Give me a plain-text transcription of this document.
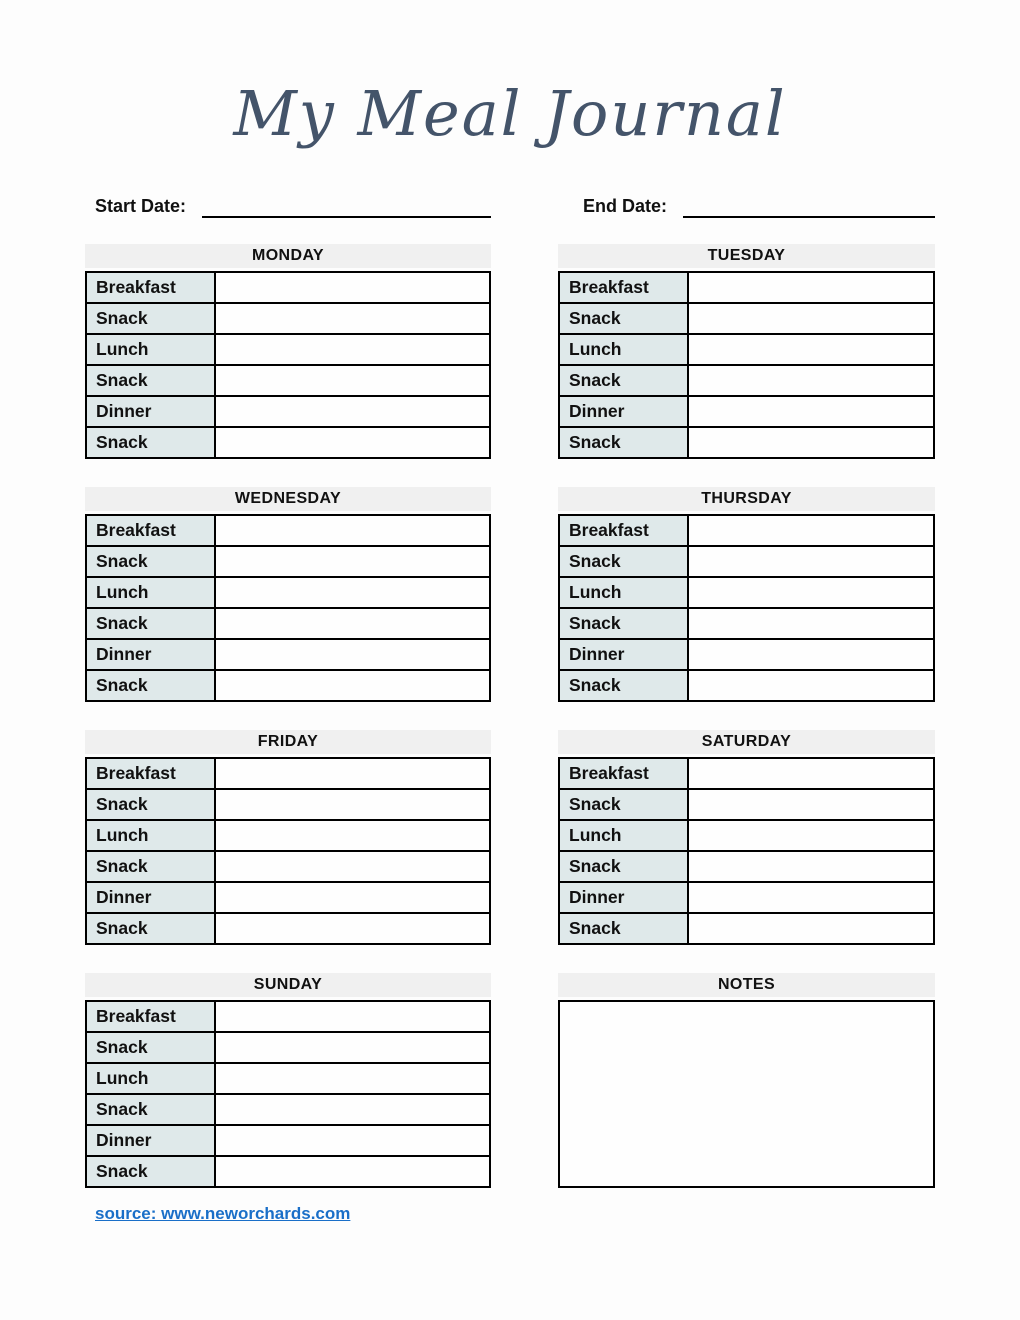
My Meal Journal
Start Date:	End Date:
MONDAY
Breakfast	
Snack	
Lunch	
Snack	
Dinner	
Snack	
TUESDAY
Breakfast	
Snack	
Lunch	
Snack	
Dinner	
Snack	
WEDNESDAY
Breakfast	
Snack	
Lunch	
Snack	
Dinner	
Snack	
THURSDAY
Breakfast	
Snack	
Lunch	
Snack	
Dinner	
Snack	
FRIDAY
Breakfast	
Snack	
Lunch	
Snack	
Dinner	
Snack	
SATURDAY
Breakfast	
Snack	
Lunch	
Snack	
Dinner	
Snack	
SUNDAY
Breakfast	
Snack	
Lunch	
Snack	
Dinner	
Snack	
NOTES
source: www.neworchards.com
